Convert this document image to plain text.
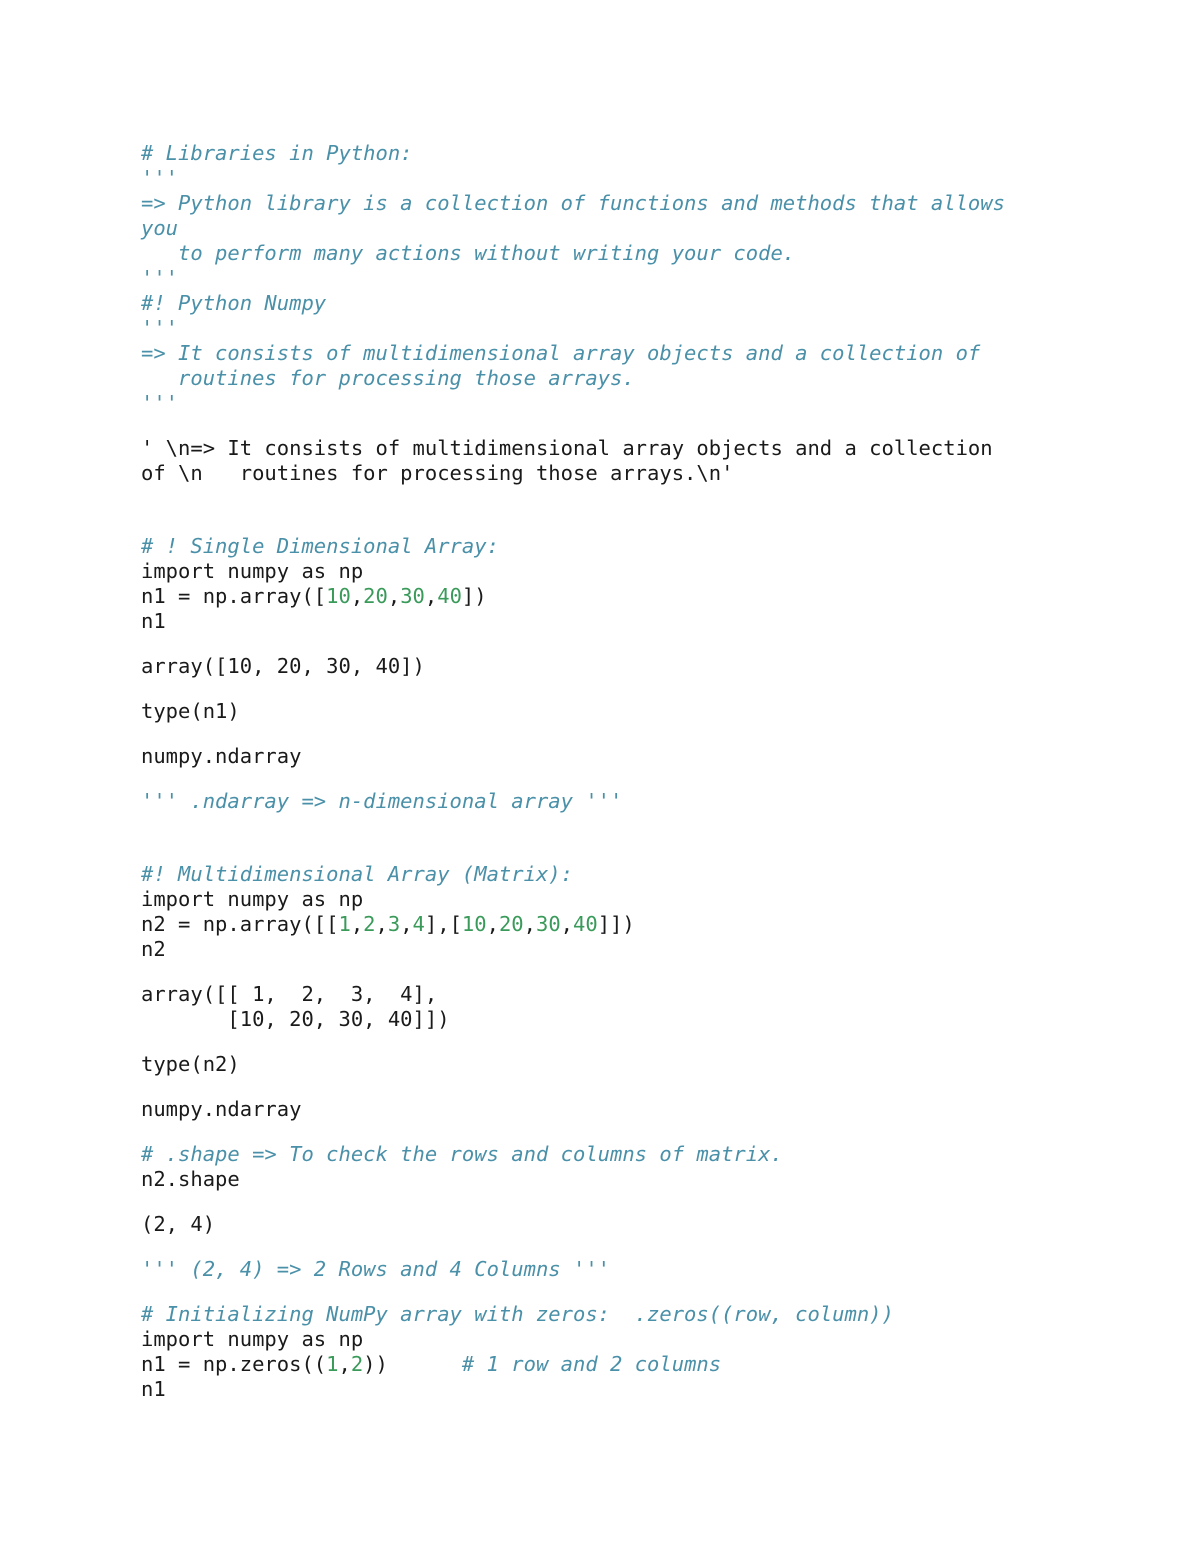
# Libraries in Python:
'''
=> Python library is a collection of functions and methods that allows
you
to perform many actions without writing your code.
'''
#! Python Numpy
'''
=> It consists of multidimensional array objects and a collection of
routines for processing those arrays.
'''
' \n=> It consists of multidimensional array objects and a collection
of \n   routines for processing those arrays.\n'
# ! Single Dimensional Array:
import numpy as np
n1 = np.array([10,20,30,40])
n1
array([10, 20, 30, 40])
type(n1)
numpy.ndarray
''' .ndarray => n-dimensional array '''
#! Multidimensional Array (Matrix):
import numpy as np
n2 = np.array([[1,2,3,4],[10,20,30,40]])
n2
array([[ 1,  2,  3,  4],
[10, 20, 30, 40]])
type(n2)
numpy.ndarray
# .shape => To check the rows and columns of matrix.
n2.shape
(2, 4)
''' (2, 4) => 2 Rows and 4 Columns '''
# Initializing NumPy array with zeros:  .zeros((row, column))
import numpy as np
n1 = np.zeros((1,2))      # 1 row and 2 columns
n1
